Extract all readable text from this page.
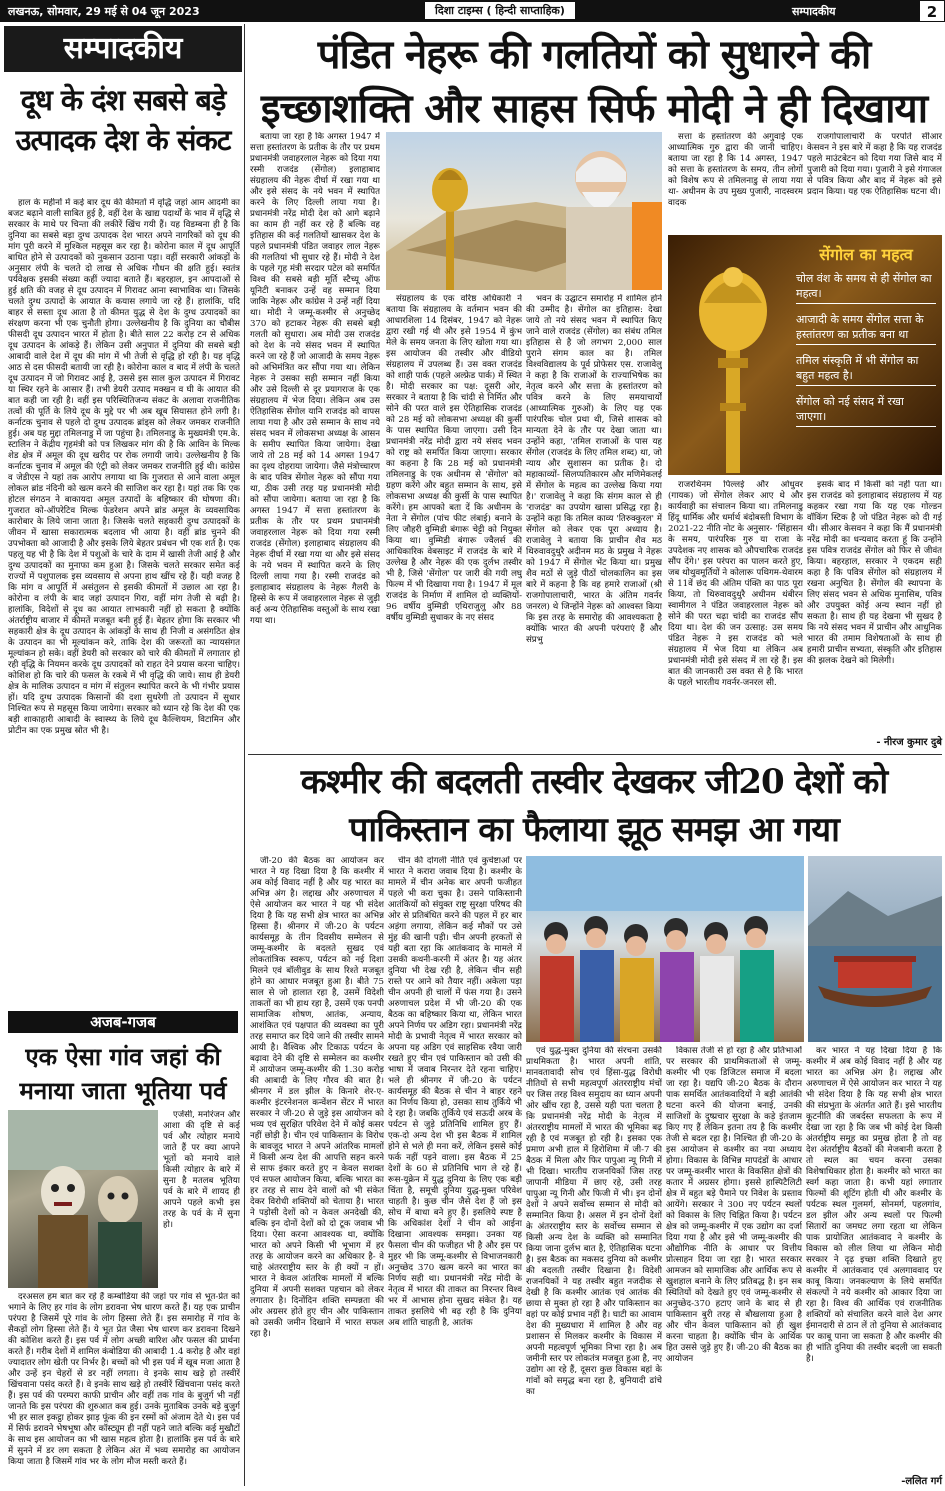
लखनऊ, सोमवार, 29 मई से 04 जून 2023	दिशा टाइम्स ( हिन्दी साप्ताहिक)	सम्पादकीय	2
सम्पादकीय
दूध के दंश सबसे बड़े उत्पादक देश के संकट

हाल के महीनों में कई बार दूध की कीमतों में वृद्धि जहां आम आदमी का बजट बढ़ाने वाली साबित हुई है, वहीं देश के खाद्य पदार्थों के भाव में वृद्धि से सरकार के माथे पर चिन्ता की लकीरें खिंच गयी हैं। यह विडम्बना ही है कि दुनिया का सबसे बड़ा दुग्ध उत्पादक देश भारत अपने नागरिकों को दूध की मांग पूरी करने में मुश्किल महसूस कर रहा है। कोरोना काल में दूध आपूर्ति बाधित होने से उत्पादकों को नुकसान उठाना पड़ा। वहीं सरकारी आंकड़ों के अनुसार लंपी के चलते दो लाख से अधिक गौधन की क्षति हुई। स्वतंत्र पर्यवेक्षक इसकी संख्या कहीं ज्यादा बताते हैं। बहरहाल, इन आपदाओं से हुई क्षति की वजह से दूध उत्पादन में गिरावट आना स्वाभाविक था। जिसके चलते दुग्ध उत्पादों के आयात के कयास लगाये जा रहे हैं। हालांकि, यदि बाहर से सस्ता दूध आता है तो कीमत युद्ध से देश के दुग्ध उत्पादकों का संरक्षण करना भी एक चुनौती होगा। उल्लेखनीय है कि दुनिया का चौबीस फीसदी दूध उत्पादन भारत में होता है। बीते साल 22 करोड़ टन से अधिक दूध उत्पादन के आंकड़े हैं। लेकिन उसी अनुपात में दुनिया की सबसे बड़ी आबादी वाले देश में दूध की मांग में भी तेजी से वृद्धि हो रही है। यह वृद्धि आठ से दस फीसदी बतायी जा रही है। कोरोना काल व बाद में लंपी के चलते दूध उत्पादन में जो गिरावट आई है, उससे इस साल कुल उत्पादन में गिरावट या स्थिर रहने के आसार हैं। तभी डेयरी उत्पाद मक्खन व घी के आयात की बात कही जा रही है। वहीं इस परिस्थितिजन्य संकट के अलावा राजनीतिक तत्वों की पूर्ति के लिये दूध के मुद्दे पर भी अब खूब सियासत होने लगी है। कर्नाटक चुनाव से पहले दो दुग्ध उत्पादक ब्रांड्स को लेकर जमकर राजनीति हुई। अब यह मुद्दा तमिलनाडु में जा पहुंचा है। तमिलनाडु के मुख्यमंत्री एम.के. स्टालिन ने केंद्रीय गृहमंत्री को पत्र लिखकर मांग की है कि आविन के मिल्क शेड क्षेत्र में अमूल की दूध खरीद पर रोक लगायी जाये। उल्लेखनीय है कि कर्नाटक चुनाव में अमूल की एंट्री को लेकर जमकर राजनीति हुई थी। कांग्रेस व जेडीएस ने यहां तक आरोप लगाया था कि गुजरात से आने वाला अमूल लोकल ब्रांड नंदिनी को खत्म करने की साजिश कर रहा है। यहां तक कि एक होटल संगठन ने बाकायदा अमूल उत्पादों के बहिष्कार की घोषणा की। गुजरात को-ऑपरेटिव मिल्क फेडरेशन अपने ब्रांड अमूल के व्यवसायिक कारोबार के लिये जाना जाता है। जिसके चलते सहकारी दुग्ध उत्पादकों के जीवन में खासा सकारात्मक बदलाव भी आया है। वहीं ब्रांड चुनने की उपभोक्ता को आजादी है और इसके लिये बेहतर प्रबंधन भी एक शर्त है। एक पहलू यह भी है कि देश में पशुओं के चारे के दाम में खासी तेजी आई है और दुग्ध उत्पादकों का मुनाफा कम हुआ है। जिसके चलते सरकार समेत कई राज्यों में पशुपालक इस व्यवसाय से अपना हाथ खींच रहे हैं। यही वजह है कि मांग व आपूर्ति में असंतुलन से इसकी कीमतों में उछाल आ रहा है। कोरोना व लंपी के बाद जहां उत्पादन गिरा, वहीं मांग तेजी से बढ़ी है। हालांकि, विदेशों से दूध का आयात लाभकारी नहीं हो सकता है क्योंकि अंतर्राष्ट्रीय बाजार में कीमतें मजबूत बनी हुई हैं। बेहतर होगा कि सरकार भी सहकारी क्षेत्र के दूध उत्पादन के आंकड़ों के साथ ही निजी व असंगठित क्षेत्र के उत्पादन का भी मूल्यांकन करे, ताकि देश की जरूरतों का न्यायसंगत मूल्यांकन हो सके। वहीं डेयरी को सरकार को चारे की कीमतों में लगातार हो रही वृद्धि के नियमन करके दूध उत्पादकों को राहत देने प्रयास करना चाहिए। कोशिश हो कि चारे की फसल के रकबे में भी वृद्धि की जाये। साथ ही डेयरी क्षेत्र के मालिक उत्पादन व मांग में संतुलन स्थापित करने के भी गंभीर प्रयास हों। यदि दुग्ध उत्पादक किसानों की दशा सुधरेगी तो उत्पादन में सुधार निश्चित रूप से महसूस किया जायेगा। सरकार को ध्यान रहे कि देश की एक बड़ी शाकाहारी आबादी के स्वास्थ्य के लिये दूध कैल्शियम, विटामिन और प्रोटीन का एक प्रमुख स्रोत भी है।

अजब-गजब
एक ऐसा गांव जहां की मनाया जाता भूतिया पर्व

एजेंसी, मनोरंजन और आशा की दृष्टि से कई पर्व और त्योहार मनाये जाते हैं पर क्या आपने भूतों को मनाये वाले किसी त्योहार के बारे में सुना है मतलब भूतिया पर्व के बारे में शायद ही आपने पहले कभी इस तरह के पर्व के में सुना हो।

दरअसल हम बात कर रहे हैं कम्बोडिया की जहां पर गांव से भूत-प्रेत को भगाने के लिए हर गांव के लोग डरावना भेष धारण करते हैं। यह एक प्राचीन परंपरा है जिसमें पूरे गांव के लोग हिस्सा लेते हैं। इस समारोह में गांव के सैकड़ों लोग हिस्सा लेते हैं। ये भूत प्रेत जैसा भेष धारण कर डरावना दिखने की कोशिश करते हैं। इस पर्व में लोग अच्छी बारिश और फसल की प्रार्थना करते हैं। गरीब देशों में शामिल कंबोडिया की आबादी 1.4 करोड़ है और वहां ज्यादातर लोग खेती पर निर्भर है। बच्चों को भी इस पर्व में खूब मजा आता है और उन्हें इन चेहरों से डर नहीं लगता। वे इनके साथ खड़े हो तस्वीरें खिंचवाना पसंद करते हैं। वे इनके साथ खड़े हो तस्वीरें खिंचवाना पसंद करते हैं। इस पर्व की परम्परा काफी प्राचीन और वहीं तक गांव के बुजुर्ग भी नहीं जानते कि इस परंपरा की शुरुआत कब हुई। उनके मुताबिक उनके बड़े बुजुर्ग भी हर साल इकट्ठा होकर झाड़ फूंक की इन रस्मों को अंजाम देते थे। इस पर्व में सिर्फ डरावने भेषभूषा और कॉस्ट्यूम ही नहीं पहने जाते बल्कि कई मुखौटों के साथ इस आयोजन का भी खास महत्व होता है। हालांकि इस पर्व के बारे में सुनने में डर लग सकता है लेकिन अंत में भव्य समारोह का आयोजन किया जाता है जिसमें गांव भर के लोग मौज मस्ती करते हैं।

पंडित नेहरू की गलतियों को सुधारने की
इच्छाशक्ति और साहस सिर्फ मोदी ने ही दिखाया

बताया जा रहा है कि अगस्त 1947 में सत्ता हस्तांतरण के प्रतीक के तौर पर प्रथम प्रधानमंत्री जवाहरलाल नेहरू को दिया गया रस्मी राजदंड (सेंगोल) इलाहाबाद संग्रहालय की नेहरू दीर्घा में रखा गया था और इसे संसद के नये भवन में स्थापित करने के लिए दिल्ली लाया गया है। प्रधानमंत्री नरेंद्र मोदी देश को आगे बढ़ाने का काम ही नहीं कर रहे हैं बल्कि वह इतिहास की कई गलतियों खासकर देश के पहले प्रधानमंत्री पंडित जवाहर लाल नेहरू की गलतियां भी सुधार रहे हैं। मोदी ने देश के पहले गृह मंत्री सरदार पटेल को समर्पित विश्व की सबसे बड़ी मूर्ति स्टैच्यू ऑफ यूनिटी बनाकर उन्हें वह सम्मान दिया जाकि नेहरू और कांग्रेस ने उन्हें नहीं दिया था। मोदी ने जम्मू-कश्मीर से अनुच्छेद 370 को हटाकर नेहरू की सबसे बड़ी गलती को सुधारा। अब मोदी उस राजदंड को देश के नये संसद भवन में स्थापित करने जा रहे हैं जो आजादी के समय नेहरू को अभिमंत्रित कर सौंपा गया था। लेकिन नेहरू ने उसका सही सम्मान नहीं किया और उसे दिल्ली से दूर प्रयागराज के एक संग्रहालय में भेज दिया। लेकिन अब उस ऐतिहासिक सेंगोल यानि राजदंड को वापस लाया गया है और उसे सम्मान के साथ नये संसद भवन में लोकसभा अध्यक्ष के आसन के समीप स्थापित किया जायेगा। देखा जाये तो 28 मई को 14 अगस्त 1947 का दृश्य दोहराया जायेगा। जैसे मंत्रोच्चारण के बाद पवित्र सेंगोल नेहरू को सौंपा गया था, ठीक उसी तरह यह प्रधानमंत्री मोदी को सौंपा जायेगा। बताया जा रहा है कि अगस्त 1947 में सत्ता हस्तांतरण के प्रतीक के तौर पर प्रथम प्रधानमंत्री जवाहरलाल नेहरू को दिया गया रस्मी राजदंड (सेंगोल) इलाहाबाद संग्रहालय की नेहरू दीर्घा में रखा गया था और इसे संसद के नये भवन में स्थापित करने के लिए दिल्ली लाया गया है। रस्मी राजदंड को इलाहाबाद संग्रहालय के नेहरू गैलरी के हिस्से के रूप में जवाहरलाल नेहरू से जुड़ी कई अन्य ऐतिहासिक वस्तुओं के साथ रखा गया था।

संग्रहालय के एक वरिष्ठ अधिकारी ने बताया कि संग्रहालय के वर्तमान भवन की आधारशिला 14 दिसंबर, 1947 को नेहरू द्वारा रखी गई थी और इसे 1954 में कुंभ मेले के समय जनता के लिए खोला गया था। इस आयोजन की तस्वीर और वीडियो संग्रहालय में उपलब्ध हैं। उस वक्त राजदंड को शाही पार्क (पहले अल्फ्रेड पार्क) में स्थित है। मोदी सरकार का पक्ष: दूसरी ओर, सरकार ने बताया है कि चांदी से निर्मित और सोने की परत वाले इस ऐतिहासिक राजदंड को 28 मई को लोकसभा अध्यक्ष की कुर्सी के पास स्थापित किया जाएगा। उसी दिन प्रधानमंत्री नरेंद्र मोदी द्वारा नये संसद भवन को राष्ट्र को समर्पित किया जाएगा। सरकार का कहना है कि 28 मई को प्रधानमंत्री तमिलनाडु के एक अधीनम से 'सेंगोल' को ग्रहण करेंगे और बहुत सम्मान के साथ, इसे लोकसभा अध्यक्ष की कुर्सी के पास स्थापित करेंगे। हम आपको बता दें कि अधीनम के नेता ने सेंगोल (पांच फीट लंबाई) बनाने के लिए जौहरी वुम्मिडी बंगारू चेट्टी को नियुक्त किया था। वुम्मिडी बंगारू ज्वैलर्स की आधिकारिक वेबसाइट में राजदंड के बारे में उल्लेख है और नेहरू की एक दुर्लभ तस्वीर भी है, जिसे 'सेंगोल' पर जारी की गयी लघु फिल्म में भी दिखाया गया है। 1947 में मूल राजदंड के निर्माण में शामिल दो व्यक्तियों- 96 वर्षीय वुम्मिडी एथिराजुलु और 88 वर्षीय वुम्मिडी सुधाकर के नए संसद

भवन के उद्घाटन समारोह में शामिल होने की उम्मीद है। सेंगोल का इतिहास: देखा जाये तो नये संसद भवन में स्थापित किए जाने वाले राजदंड (सेंगोल) का संबंध तमिल इतिहास से है जो लगभग 2,000 साल पुराने संगम काल का है। तमिल विश्वविद्यालय के पूर्व प्रोफेसर एस. राजावेलु ने कहा है कि राजाओं के राज्याभिषेक का नेतृत्व करने और सत्ता के हस्तांतरण को पवित्र करने के लिए समयाचार्यों (आध्यात्मिक गुरुओं) के लिए यह एक पारंपरिक चोल प्रथा थी, जिसे शासक को मान्यता देने के तौर पर देखा जाता था। उन्होंने कहा, 'तमिल राजाओं के पास यह सेंगोल (राजदंड के लिए तमिल शब्द) था, जो न्याय और सुशासन का प्रतीक है। दो महाकाव्यों- सिलप्पतिकारम और मणिमेकलई में सेंगोल के महत्व का उल्लेख किया गया है।' राजावेलु ने कहा कि संगम काल से ही 'राजदंड' का उपयोग खासा प्रसिद्ध रहा है। उन्होंने कहा कि तमिल काव्य 'तिरुक्कुरल' में सेंगोल को लेकर एक पूरा अध्याय है। राजावेलु ने बताया कि प्राचीन शैव मठ थिरुवावदुथुरै अदीनम मठ के प्रमुख ने नेहरू को 1947 में सेंगोल भेंट किया था। प्रमुख शैव मठों से जुड़े पीठों चोलकालिन का इस बारे में कहना है कि वह हमारे राजाओं (श्री राजगोपालाचारी, भारत के अंतिम गवर्नर जनरल) थे जिन्होंने नेहरू को आश्वस्त किया कि इस तरह के समारोह की आवश्यकता है क्योंकि भारत की अपनी परंपराएं हैं और संप्रभु

सत्ता के हस्तांतरण की अगुवाई एक आध्यात्मिक गुरु द्वारा की जानी चाहिए। बताया जा रहा है कि 14 अगस्त, 1947 को सत्ता के हस्तांतरण के समय, तीन लोगों को विशेष रूप से तमिलनाडु से लाया गया था- अधीनम के उप मुख्य पुजारी, नादस्वरम वादक

राजगोपालाचारी के परपोते सीआर केसवन ने इस बारे में कहा है कि यह राजदंड पहले माउंटबेटन को दिया गया जिसे बाद में पुजारी को दिया गया। पुजारी ने इसे गंगाजल से पवित्र किया और बाद में नेहरू को इसे प्रदान किया। यह एक ऐतिहासिक घटना थी।

सेंगोल का महत्व
चोल वंश के समय से ही सेंगोल का महत्व।
आजादी के समय सेंगोल सत्ता के हस्तांतरण का प्रतीक बना था
तमिल संस्कृति में भी सेंगोल का बहुत महत्व है।
सेंगोल को नई संसद में रखा जाएगा।

राजरथिनम पिल्लई और ओधुवर (गायक) जो सेंगोल लेकर आए थे और कार्यवाही का संचालन किया था। तमिलनाडु हिंदू धार्मिक और धर्मार्थ बंदोबस्ती विभाग के 2021-22 नीति नोट के अनुसार- 'सिंहासन के समय, पारंपरिक गुरु या राजा के उपदेशक नए शासक को औपचारिक राजदंड सौंप देंगे।' इस परंपरा का पालन करते हुए, जब थोथुवमूर्तियों ने कोलारू पथिगम-थेवारम से 11वें छंद की अंतिम पंक्ति का पाठ पूरा किया, तो थिरुवावदुथुरै अधीनम थंबीरन स्वामीगल ने पंडित जवाहरलाल नेहरू को सोने की परत चढ़ा चांदी का राजदंड सौंप दिया था। देश की जन उत्साह: उस समय पंडित नेहरू ने इस राजदंड को भले संग्रहालय में भेज दिया था लेकिन अब प्रधानमंत्री मोदी इसे संसद में ला रहे हैं। इस बात की जानकारी उस वक्त से है कि भारत के पहले भारतीय गवर्नर-जनरल सी.

इसके बाद में किसी को नहीं पता था। इस राजदंड को इलाहाबाद संग्रहालय में यह कहकर रखा गया कि यह एक गोल्डन वॉकिंग स्टिक है जो पंडित नेहरू को दी गई थी। सीआर केसवन ने कहा कि मैं प्रधानमंत्री नरेंद्र मोदी का धन्यवाद करता हूं कि उन्होंने इस पवित्र राजदंड सेंगोल को फिर से जीवंत किया। बहरहाल, सरकार ने एकदम सही कहा है कि पवित्र सेंगोल को संग्रहालय में रखना अनुचित है। सेंगोल की स्थापना के लिए संसद भवन से अधिक मुनासिब, पवित्र और उपयुक्त कोई अन्य स्थान नहीं हो सकता है। साथ ही यह देखना भी सुखद है कि नये संसद भवन में प्राचीन और आधुनिक भारत की तमाम विशेषताओं के साथ ही हमारी प्राचीन सभ्यता, संस्कृति और इतिहास की झलक देखने को मिलेगी।

- नीरज कुमार दुबे
कश्मीर की बदलती तस्वीर देखकर जी20 देशों को
पाकिस्तान का फैलाया झूठ समझ आ गया

जी-20 की बैठक का आयोजन कर भारत ने यह दिखा दिया है कि कश्मीर में अब कोई विवाद नहीं है और यह भारत का अभिन्न अंग है। लद्दाख और अरुणाचल में ऐसे आयोजन कर भारत ने यह भी संदेश दिया है कि यह सभी क्षेत्र भारत का अभिन्न हिस्सा हैं। श्रीनगर में जी-20 के पर्यटन कार्यसमूह के तीन दिवसीय सम्मेलन से जम्मू-कश्मीर के बदलते सुखद एवं लोकतांत्रिक स्वरूप, पर्यटन को नई दिशा मिलने एवं बॉलीवुड के साथ रिश्ते मजबूत होने का आधार मजबूत हुआ है। बीते 75 साल से जो हालात रहा है, उसमें विदेशी ताकतों का भी हाथ रहा है, उसमें एक पनपी सामाजिक शोषण, आतंक, अन्याय, आशंकित एवं पक्षपात की व्यवस्था का पूरी तरह समाप्त कर दिये जाने की तस्वीर सामने आयी है। वैश्विक और टिकाऊ पर्यटन के बढ़ावा देने की दृष्टि से सम्मेलन का कश्मीर में आयोजन जम्मू-कश्मीर की 1.30 करोड़ की आबादी के लिए गौरव की बात है। श्रीनगर में डल झील के किनारे शेर-ए-कश्मीर इंटरनेशनल कन्वेंशन सेंटर में भारत सरकार ने जी-20 से जुड़े इस आयोजन को भव्य एवं सुरक्षित परिवेश देने में कोई कसर नहीं छोड़ी है। चीन एवं पाकिस्तान के विरोध के बावजूद भारत ने अपने आंतरिक मामलों में किसी अन्य देश की आपत्ति सहन करने से साफ इंकार करते हुए न केवल सशक्त एवं सफल आयोजन किया, बल्कि भारत का हर तरह से साथ देने वालों को भी संकेत देकर विरोधी शक्तियों को चेताया है। भारत ने पड़ोसी देशों को न केवल अनदेखी की, बल्कि इन दोनों देशों को दो टूक जवाब भी दिया। ऐसा करना आवश्यक था, क्योंकि भारत को अपने किसी भी भूभाग में हर तरह के आयोजन करने का अधिकार है- वे चाहे अंतरराष्ट्रीय स्तर के ही क्यों न हों। भारत ने केवल आंतरिक मामलों में बल्कि दुनिया में अपनी सशक्त पहचान को लेकर लगातार है। दिनोंदिन शक्ति सम्पन्नता की ओर अग्रसर होते हुए चीन और पाकिस्तान को उसकी जमीन दिखाने में भारत सफल रहा है।

चीन की दोगली नीति एवं कुचेष्टाओं पर भारत ने करारा जवाब दिया है। कश्मीर के मामले में चीन अनेक बार अपनी फजीहत पहले भी करा चुका है। उसने पाकिस्तानी आतंकियों को संयुक्त राष्ट्र सुरक्षा परिषद की ओर से प्रतिबंधित करने की पहल में हर बार अड़ंगा लगाया, लेकिन कई मौकों पर उसे मुंह की खानी पड़ी। चीन अपनी हरकतों से यही बता रहा कि आतंकवाद के मामले में उसकी कथनी-करनी में अंतर है। यह अंतर दुनिया भी देख रही है, लेकिन चीन सही रास्ते पर आने को तैयार नहीं। अकेला पड़ा चीन अपनी ही चालों में फंस गया है। उसने अरुणाचल प्रदेश में भी जी-20 की एक बैठक का बहिष्कार किया था, लेकिन भारत अपने निर्णय पर अडिग रहा। प्रधानमंत्री नरेंद्र मोदी के प्रभावी नेतृत्व में भारत सरकार को अपना यह अडिग एवं साहसिक रवैया जारी रखते हुए चीन एवं पाकिस्तान को उसी की भाषा में जवाब निरन्तर देते रहना चाहिए। भले ही श्रीनगर में जी-20 के पर्यटन कार्यसमूह की बैठक से चीन ने बाहर रहने का निर्णय किया हो, उसका साथ तुर्किये भी दे रहा है। जबकि तुर्किये एवं सऊदी अरब के पर्यटन से जुड़े प्रतिनिधि शामिल हुए हैं। एक-दो अन्य देश भी इस बैठक में शामिल होने से भले ही मना करें, लेकिन इससे कोई फर्क नहीं पड़ने वाला। इस बैठक में 25 देशों के 60 से प्रतिनिधि भाग ले रहे हैं। रूस-यूक्रेन में युद्ध दुनिया के लिए एक बड़ी चिंता है, समूची दुनिया युद्ध-मुक्त परिवेश चाहती है। कुछ चीन जैसे देश हैं जो इस सोच में बाधा बने हुए हैं। इसलिये स्पष्ट है कि अधिकांश देशों ने चीन को आईना दिखाना आवश्यक समझा। उनका यह फैसला चीन की फजीहत भी है और इस पर मुहर भी कि जम्मू-कश्मीर से विभाजनकारी अनुच्छेद 370 खत्म करने का भारत का निर्णय सही था। प्रधानमंत्री नरेंद्र मोदी के नेतृत्व में भारत की ताकत का निरन्तर विश्व भर में आभास होना सुखद संकेत है। यह ताकत इसलिये भी बढ़ रही है कि दुनिया अब शांति चाहती है, आतंक

एवं युद्ध-मुक्त दुनिया की संरचना उसकी प्राथमिकता है। भारत अपनी शांति, मानवतावादी सोच एवं हिंसा-युद्ध विरोधी नीतियों से सभी महत्वपूर्ण अंतरराष्ट्रीय मंचों पर जिस तरह विश्व समुदाय का ध्यान अपनी ओर खींच रहा है, उससे यही पता चलता है कि प्रधानमंत्री नरेंद्र मोदी के नेतृत्व में अंतरराष्ट्रीय मामलों में भारत की भूमिका बढ़ रही है एवं मजबूत हो रही है। इसका एक प्रमाण अभी हाल में हिरोशिमा में जी-7 की बैठक में मिला और फिर पापुआ न्यू गिनी में भी दिखा। भारतीय राजनयिकों जिस तरह जापानी मीडिया में छाए रहे, उसी तरह पापुआ न्यू गिनी और फिजी में भी। इन दोनों देशों ने अपने सर्वोच्च सम्मान से मोदी को सम्मानित किया है। असल में इन दोनों देशों के अंतरराष्ट्रीय स्तर के सर्वोच्च सम्मान से किसी अन्य देश के व्यक्ति को सम्मानित किया जाना दुर्लभ बात है, ऐतिहासिक घटना है। इस बैठक का मकसद दुनिया को कश्मीर की बदलती तस्वीर दिखाना है। विदेशी राजनयिकों ने यह तस्वीर बहुत नजदीक से देखी है कि कश्मीर आतंक एवं आतंक की छाया से मुक्त हो रहा है और पाकिस्तान का वहां पर कोई प्रभाव नहीं है। घाटी का आवाम देश की मुख्यधारा में शामिल है और वह प्रशासन से मिलकर कश्मीर के विकास में अपनी महत्वपूर्ण भूमिका निभा रहा है। अब जमीनी स्तर पर लोकतंत्र मजबूत हुआ है, नए उद्योग आ रहे हैं, दूसरा कुछ विकास बहां के गांवों को समृद्ध बना रहा है, बुनियादी ढांचे का

विकास तेजी से हो रहा है और प्रतिभाओं पर सरकार की प्राथमिकताओं से जम्मू-कश्मीर भी एक डिजिटल समाज में बदला जा रहा है। यद्यपि जी-20 बैठक के दौरान पाक समर्थित आतंकवादियों ने बड़ी आतंकी घटना करने की योजना बनाई, उनकी साजिशों के दुष्प्रचार सुरक्षा के कड़े इंतजाम किए गए हैं लेकिन इतना तय है कि कश्मीर तेजी से बदल रहा है। निश्चित ही जी-20 के इस आयोजन से कश्मीर का नया अध्याय होगा। विकास के विभिन्न मापदंडों के आधार पर जम्मू-कश्मीर भारत के विकसित क्षेत्रों की कतार में अग्रसर होगा। इससे हास्पिटैलिटी क्षेत्र में बहुत बड़े पैमाने पर निवेश के प्रस्ताव आयेंगे। सरकार ने 300 नए पर्यटन स्थलों को विकास के लिए चिह्नित किया है। पर्यटन क्षेत्र को जम्मू-कश्मीर में एक उद्योग का दर्जा दिया गया है और इसे भी जम्मू-कश्मीर की औद्योगिक नीति के आधार पर वित्तीय प्रोत्साहन दिया जा रहा है। भारत सरकार आमजन को सामाजिक और आर्थिक रूप से खुशहाल बनाने के लिए प्रतिबद्ध है। इन सब स्थितियों को देखते हुए एवं जम्मू-कश्मीर से अनुच्छेद-370 हटाए जाने के बाद से ही पाकिस्तान बुरी तरह से बौखलाया हुआ है और चीन केवल पाकिस्तान को ही खुश करना चाहता है। क्योंकि चीन के आर्थिक हित उससे जुड़े हुए हैं। जी-20 की बैठक का आयोजन

कर भारत ने यह दिखा दिया है कि कश्मीर में अब कोई विवाद नहीं है और यह भारत का अभिन्न अंग है। लद्दाख और अरुणाचल में ऐसे आयोजन कर भारत ने यह भी संदेश दिया है कि यह सभी क्षेत्र भारत की संप्रभुता के अंतर्गत आते हैं। इसे भारतीय कूटनीति की जबर्दस्त सफलता के रूप में देखा जा रहा है कि जब भी कोई देश किसी अंतर्राष्ट्रीय समूह का प्रमुख होता है तो वह देश अंतर्राष्ट्रीय बैठकों की मेजबानी करता है तो स्थल का चयन करना उसका विशेषाधिकार होता है। कश्मीर को भारत का स्वर्ग कहा जाता है। कभी यहां लगातार फिल्मों की शूटिंग होती थी और कश्मीर के पर्यटक स्थल गुलमर्ग, सोनमर्ग, पहलगांव, डल झील और अन्य स्थलों पर फिल्मी सितारों का जमघट लगा रहता था लेकिन पाक प्रायोजित आतंकवाद ने कश्मीर के विकास को लील लिया था लेकिन मोदी सरकार ने दृढ़ इच्छा शक्ति दिखाते हुए कश्मीर में आतंकवाद एवं अलगाववाद पर काबू किया। जनकल्याण के लिये समर्पित संकल्पों ने नये कश्मीर को आकार दिया जा रहा है। विश्व की आर्थिक एवं राजनीतिक शक्तियों को संचालित करने वाले देश अगर ईमानदारी से ठान लें तो दुनिया से आतंकवाद पर काबू पाना जा सकता है और कश्मीर की ही भांति दुनिया की तस्वीर बदली जा सकती है।

-ललित गर्ग
